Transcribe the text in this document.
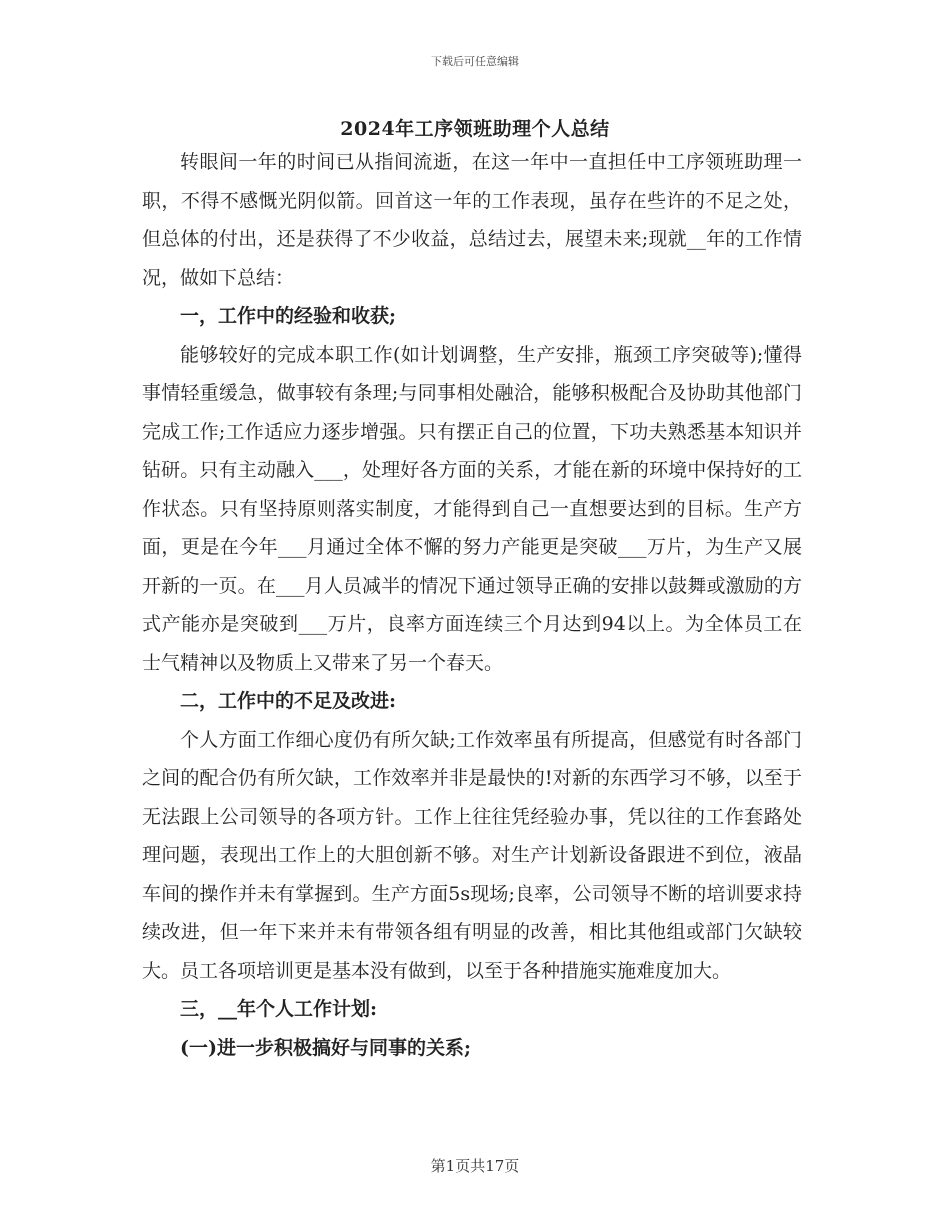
下载后可任意编辑
2024年工序领班助理个人总结

转眼间一年的时间已从指间流逝，在这一年中一直担任中工序领班助理一职，不得不感慨光阴似箭。回首这一年的工作表现，虽存在些许的不足之处，但总体的付出，还是获得了不少收益，总结过去，展望未来;现就__年的工作情况，做如下总结：

一，工作中的经验和收获;

能够较好的完成本职工作(如计划调整，生产安排，瓶颈工序突破等);懂得事情轻重缓急，做事较有条理;与同事相处融洽，能够积极配合及协助其他部门完成工作;工作适应力逐步增强。只有摆正自己的位置，下功夫熟悉基本知识并钻研。只有主动融入___，处理好各方面的关系，才能在新的环境中保持好的工作状态。只有坚持原则落实制度，才能得到自己一直想要达到的目标。生产方面，更是在今年___月通过全体不懈的努力产能更是突破___万片，为生产又展开新的一页。在___月人员减半的情况下通过领导正确的安排以鼓舞或激励的方式产能亦是突破到___万片，良率方面连续三个月达到94以上。为全体员工在士气精神以及物质上又带来了另一个春天。

二，工作中的不足及改进:

个人方面工作细心度仍有所欠缺;工作效率虽有所提高，但感觉有时各部门之间的配合仍有所欠缺，工作效率并非是最快的!对新的东西学习不够，以至于无法跟上公司领导的各项方针。工作上往往凭经验办事，凭以往的工作套路处理问题，表现出工作上的大胆创新不够。对生产计划新设备跟进不到位，液晶车间的操作并未有掌握到。生产方面5s现场;良率，公司领导不断的培训要求持续改进，但一年下来并未有带领各组有明显的改善，相比其他组或部门欠缺较大。员工各项培训更是基本没有做到，以至于各种措施实施难度加大。

三，__年个人工作计划:

(一)进一步积极搞好与同事的关系;

第1页共17页
